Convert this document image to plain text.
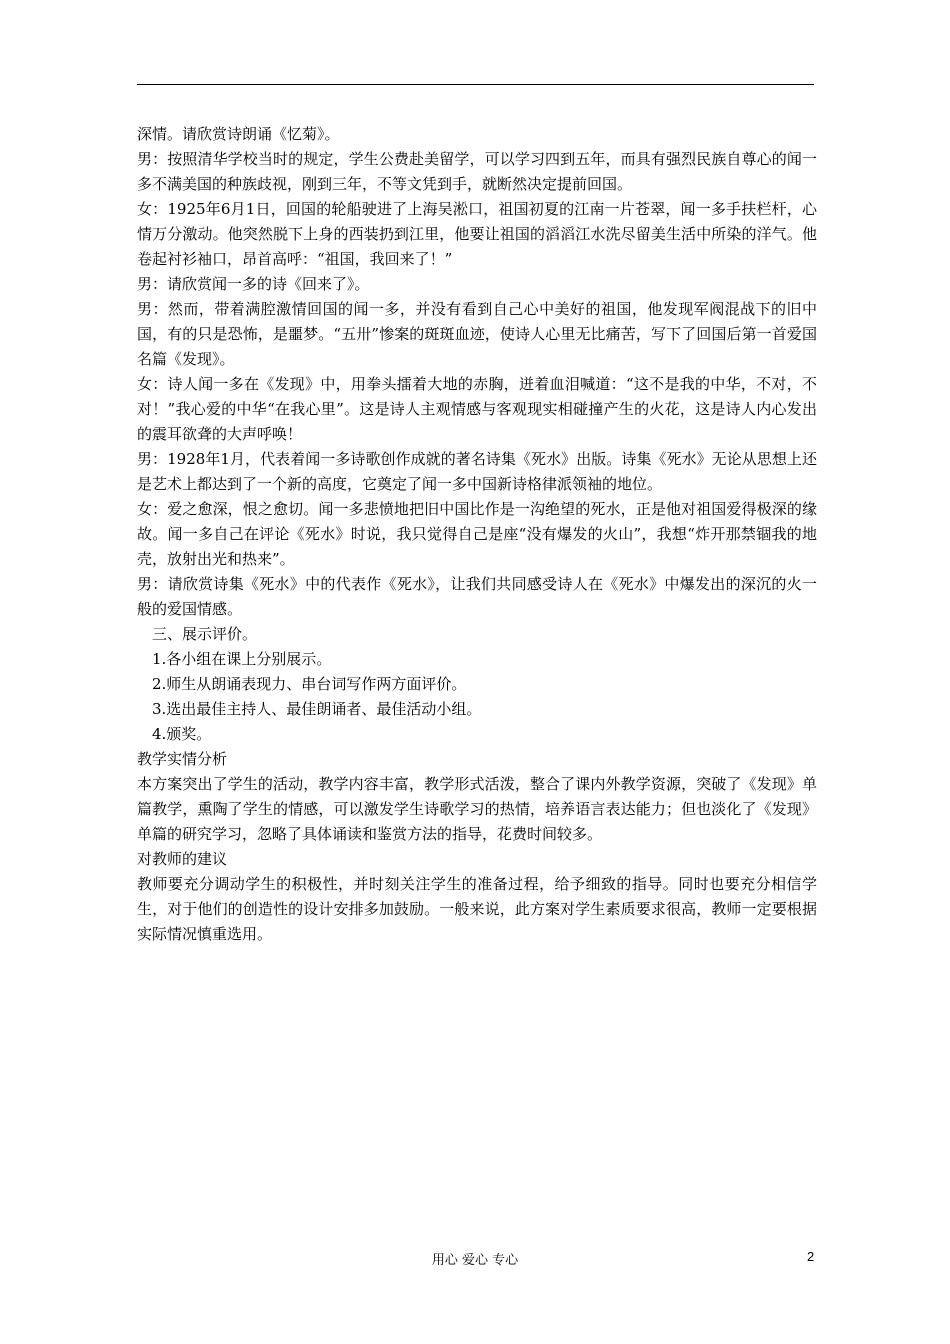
深情。请欣赏诗朗诵《忆菊》。

男：按照清华学校当时的规定，学生公费赴美留学，可以学习四到五年，而具有强烈民族自尊心的闻一多不满美国的种族歧视，刚到三年，不等文凭到手，就断然决定提前回国。

女：1925年6月1日，回国的轮船驶进了上海吴淞口，祖国初夏的江南一片苍翠，闻一多手扶栏杆，心情万分激动。他突然脱下上身的西装扔到江里，他要让祖国的滔滔江水洗尽留美生活中所染的洋气。他卷起衬衫袖口，昂首高呼：“祖国，我回来了！”

男：请欣赏闻一多的诗《回来了》。

男：然而，带着满腔激情回国的闻一多，并没有看到自己心中美好的祖国，他发现军阀混战下的旧中国，有的只是恐怖，是噩梦。“五卅”惨案的斑斑血迹，使诗人心里无比痛苦，写下了回国后第一首爱国名篇《发现》。

女：诗人闻一多在《发现》中，用拳头擂着大地的赤胸，迸着血泪喊道：“这不是我的中华，不对，不对！”我心爱的中华“在我心里”。这是诗人主观情感与客观现实相碰撞产生的火花，这是诗人内心发出的震耳欲聋的大声呼唤！

男：1928年1月，代表着闻一多诗歌创作成就的著名诗集《死水》出版。诗集《死水》无论从思想上还是艺术上都达到了一个新的高度，它奠定了闻一多中国新诗格律派领袖的地位。

女：爱之愈深，恨之愈切。闻一多悲愤地把旧中国比作是一沟绝望的死水，正是他对祖国爱得极深的缘故。闻一多自己在评论《死水》时说，我只觉得自己是座“没有爆发的火山”，我想“炸开那禁锢我的地壳，放射出光和热来”。

男：请欣赏诗集《死水》中的代表作《死水》，让我们共同感受诗人在《死水》中爆发出的深沉的火一般的爱国情感。

三、展示评价。

1.各小组在课上分别展示。

2.师生从朗诵表现力、串台词写作两方面评价。

3.选出最佳主持人、最佳朗诵者、最佳活动小组。

4.颁奖。

教学实情分析

本方案突出了学生的活动，教学内容丰富，教学形式活泼，整合了课内外教学资源，突破了《发现》单篇教学，熏陶了学生的情感，可以激发学生诗歌学习的热情，培养语言表达能力；但也淡化了《发现》单篇的研究学习，忽略了具体诵读和鉴赏方法的指导，花费时间较多。

对教师的建议

教师要充分调动学生的积极性，并时刻关注学生的准备过程，给予细致的指导。同时也要充分相信学生，对于他们的创造性的设计安排多加鼓励。一般来说，此方案对学生素质要求很高，教师一定要根据实际情况慎重选用。

用心 爱心 专心	2
